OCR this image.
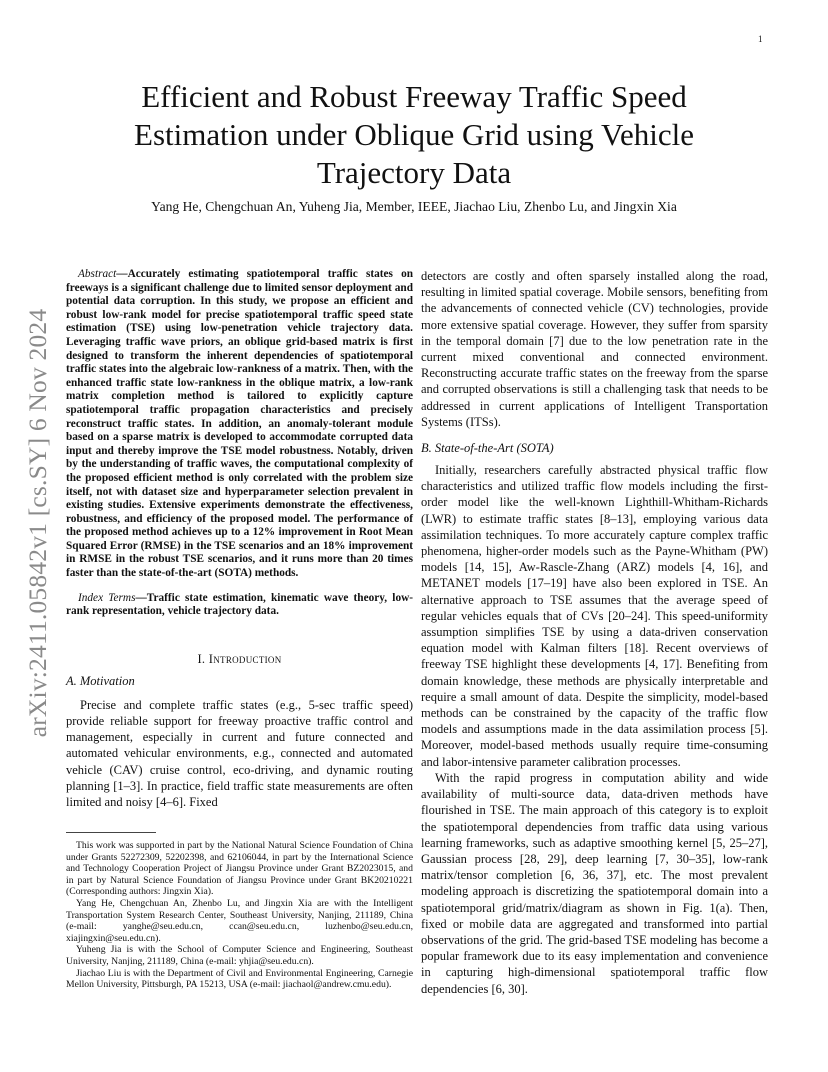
1
arXiv:2411.05842v1 [cs.SY] 6 Nov 2024
Efficient and Robust Freeway Traffic Speed Estimation under Oblique Grid using Vehicle Trajectory Data
Yang He, Chengchuan An, Yuheng Jia, Member, IEEE, Jiachao Liu, Zhenbo Lu, and Jingxin Xia

Abstract—Accurately estimating spatiotemporal traffic states on freeways is a significant challenge due to limited sensor deployment and potential data corruption. In this study, we propose an efficient and robust low-rank model for precise spatiotemporal traffic speed state estimation (TSE) using low-penetration vehicle trajectory data. Leveraging traffic wave priors, an oblique grid-based matrix is first designed to transform the inherent dependencies of spatiotemporal traffic states into the algebraic low-rankness of a matrix. Then, with the enhanced traffic state low-rankness in the oblique matrix, a low-rank matrix completion method is tailored to explicitly capture spatiotemporal traffic propagation characteristics and precisely reconstruct traffic states. In addition, an anomaly-tolerant module based on a sparse matrix is developed to accommodate corrupted data input and thereby improve the TSE model robustness. Notably, driven by the understanding of traffic waves, the computational complexity of the proposed efficient method is only correlated with the problem size itself, not with dataset size and hyperparameter selection prevalent in existing studies. Extensive experiments demonstrate the effectiveness, robustness, and efficiency of the proposed model. The performance of the proposed method achieves up to a 12% improvement in Root Mean Squared Error (RMSE) in the TSE scenarios and an 18% improvement in RMSE in the robust TSE scenarios, and it runs more than 20 times faster than the state-of-the-art (SOTA) methods.

Index Terms—Traffic state estimation, kinematic wave theory, low-rank representation, vehicle trajectory data.

I. Introduction
A. Motivation

Precise and complete traffic states (e.g., 5-sec traffic speed) provide reliable support for freeway proactive traffic control and management, especially in current and future connected and automated vehicular environments, e.g., connected and automated vehicle (CAV) cruise control, eco-driving, and dynamic routing planning [1–3]. In practice, field traffic state measurements are often limited and noisy [4–6]. Fixed

detectors are costly and often sparsely installed along the road, resulting in limited spatial coverage. Mobile sensors, benefiting from the advancements of connected vehicle (CV) technologies, provide more extensive spatial coverage. However, they suffer from sparsity in the temporal domain [7] due to the low penetration rate in the current mixed conventional and connected environment. Reconstructing accurate traffic states on the freeway from the sparse and corrupted observations is still a challenging task that needs to be addressed in current applications of Intelligent Transportation Systems (ITSs).

B. State-of-the-Art (SOTA)

Initially, researchers carefully abstracted physical traffic flow characteristics and utilized traffic flow models including the first-order model like the well-known Lighthill-Whitham-Richards (LWR) to estimate traffic states [8–13], employing various data assimilation techniques. To more accurately capture complex traffic phenomena, higher-order models such as the Payne-Whitham (PW) models [14, 15], Aw-Rascle-Zhang (ARZ) models [4, 16], and METANET models [17–19] have also been explored in TSE. An alternative approach to TSE assumes that the average speed of regular vehicles equals that of CVs [20–24]. This speed-uniformity assumption simplifies TSE by using a data-driven conservation equation model with Kalman filters [18]. Recent overviews of freeway TSE highlight these developments [4, 17]. Benefiting from domain knowledge, these methods are physically interpretable and require a small amount of data. Despite the simplicity, model-based methods can be constrained by the capacity of the traffic flow models and assumptions made in the data assimilation process [5]. Moreover, model-based methods usually require time-consuming and labor-intensive parameter calibration processes.

With the rapid progress in computation ability and wide availability of multi-source data, data-driven methods have flourished in TSE. The main approach of this category is to exploit the spatiotemporal dependencies from traffic data using various learning frameworks, such as adaptive smoothing kernel [5, 25–27], Gaussian process [28, 29], deep learning [7, 30–35], low-rank matrix/tensor completion [6, 36, 37], etc. The most prevalent modeling approach is discretizing the spatiotemporal domain into a spatiotemporal grid/matrix/diagram as shown in Fig. 1(a). Then, fixed or mobile data are aggregated and transformed into partial observations of the grid. The grid-based TSE modeling has become a popular framework due to its easy implementation and convenience in capturing high-dimensional spatiotemporal traffic flow dependencies [6, 30].

This work was supported in part by the National Natural Science Foundation of China under Grants 52272309, 52202398, and 62106044, in part by the International Science and Technology Cooperation Project of Jiangsu Province under Grant BZ2023015, and in part by Natural Science Foundation of Jiangsu Province under Grant BK20210221 (Corresponding authors: Jingxin Xia).

Yang He, Chengchuan An, Zhenbo Lu, and Jingxin Xia are with the Intelligent Transportation System Research Center, Southeast University, Nanjing, 211189, China (e-mail: yanghe@seu.edu.cn, ccan@seu.edu.cn, luzhenbo@seu.edu.cn, xiajingxin@seu.edu.cn).

Yuheng Jia is with the School of Computer Science and Engineering, Southeast University, Nanjing, 211189, China (e-mail: yhjia@seu.edu.cn).

Jiachao Liu is with the Department of Civil and Environmental Engineering, Carnegie Mellon University, Pittsburgh, PA 15213, USA (e-mail: jiachaol@andrew.cmu.edu).
